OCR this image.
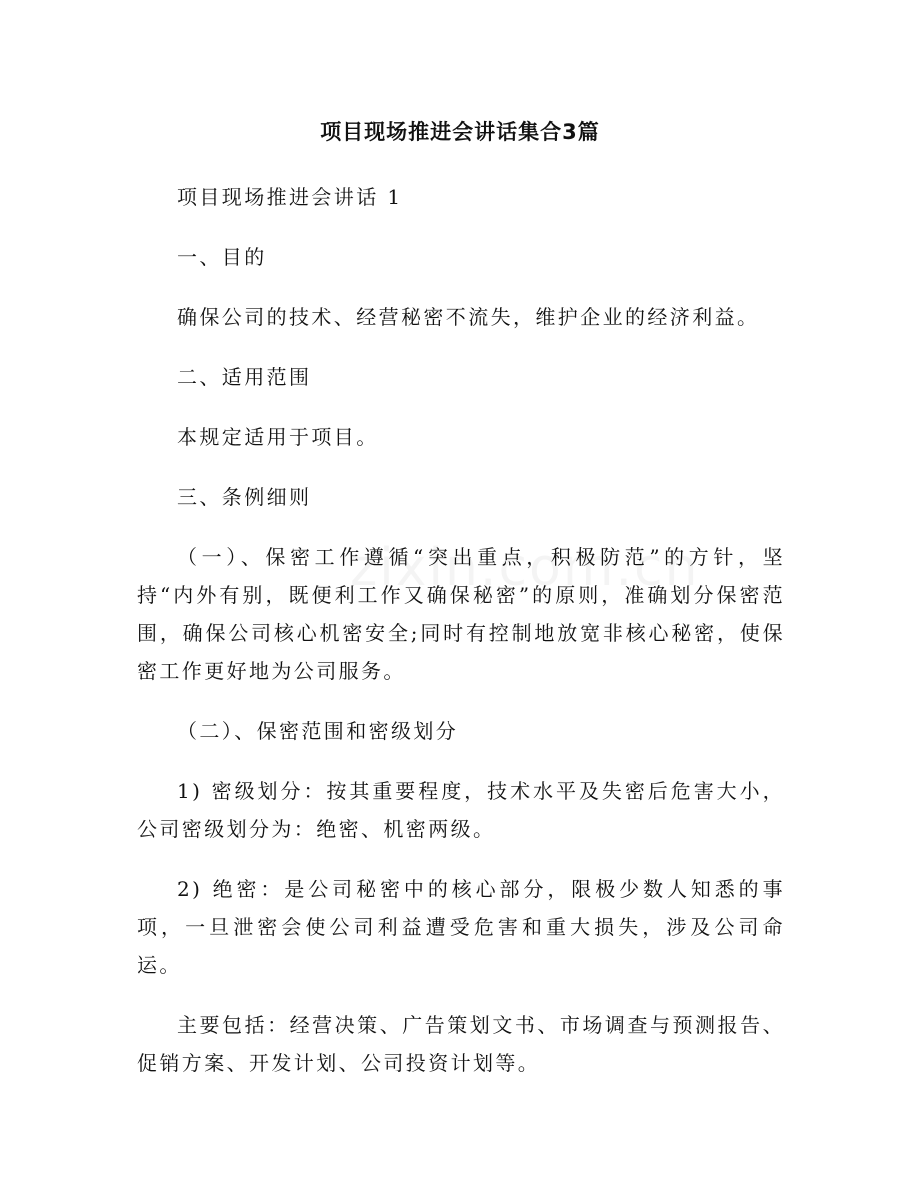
项目现场推进会讲话集合3篇

项目现场推进会讲话 1

一、目的

确保公司的技术、经营秘密不流失，维护企业的经济利益。

二、适用范围

本规定适用于项目。

三、条例细则

（一）、保密工作遵循“突出重点，积极防范”的方针，坚持“内外有别，既便利工作又确保秘密”的原则，准确划分保密范围，确保公司核心机密安全;同时有控制地放宽非核心秘密，使保密工作更好地为公司服务。

（二）、保密范围和密级划分

1) 密级划分：按其重要程度，技术水平及失密后危害大小，公司密级划分为：绝密、机密两级。

2) 绝密：是公司秘密中的核心部分，限极少数人知悉的事项，一旦泄密会使公司利益遭受危害和重大损失，涉及公司命运。

主要包括：经营决策、广告策划文书、市场调查与预测报告、促销方案、开发计划、公司投资计划等。
